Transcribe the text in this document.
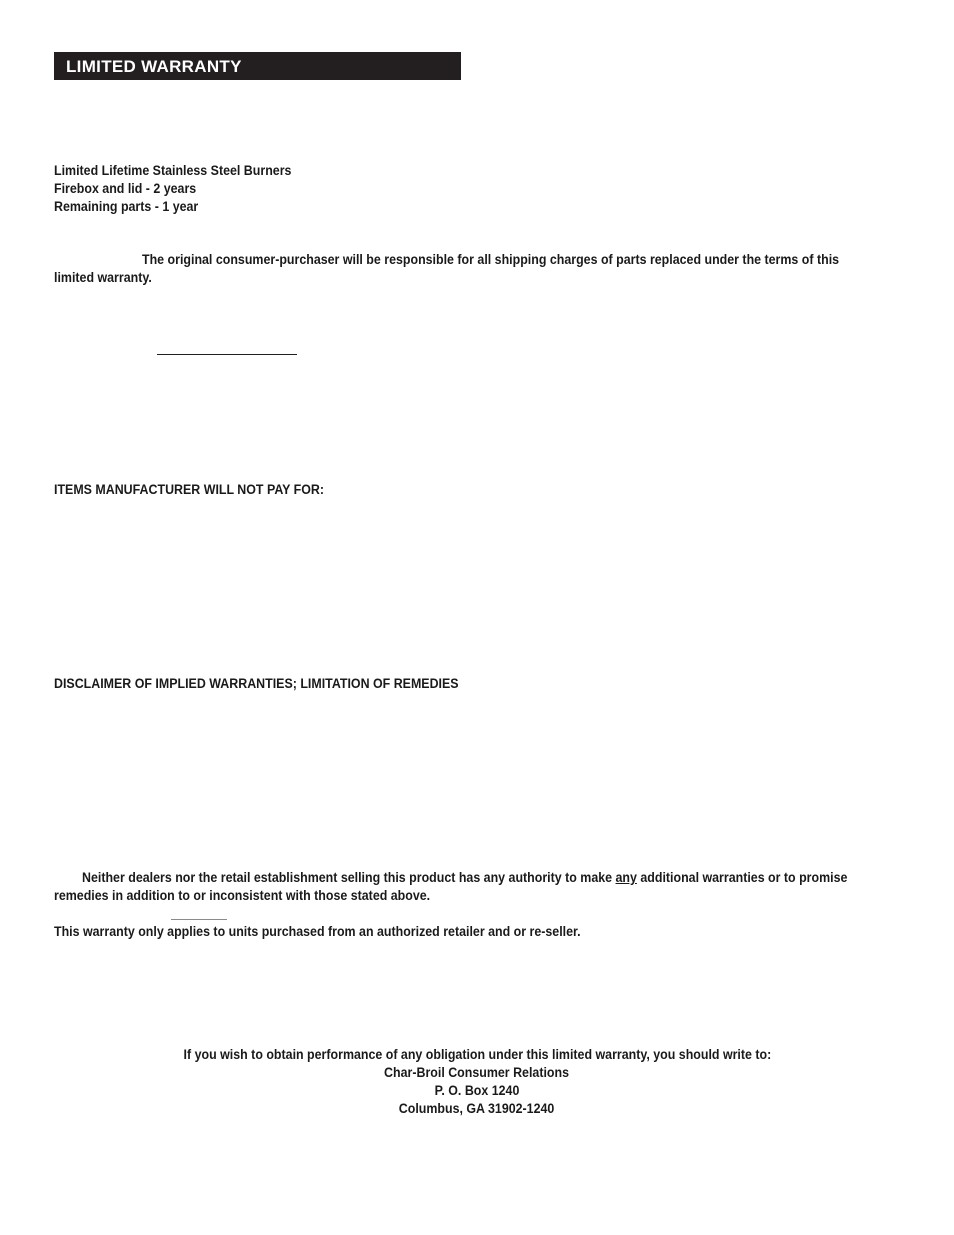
LIMITED WARRANTY
Limited Lifetime Stainless Steel Burners
Firebox and lid - 2 years
Remaining parts - 1 year
The original consumer-purchaser will be responsible for all shipping charges of parts replaced under the terms of this
limited warranty.
ITEMS MANUFACTURER WILL NOT PAY FOR:
DISCLAIMER OF IMPLIED WARRANTIES; LIMITATION OF REMEDIES
Neither dealers nor the retail establishment selling this product has any authority to make any additional warranties or to promise
remedies in addition to or inconsistent with those stated above.
This warranty only applies to units purchased from an authorized retailer and or re-seller.
If you wish to obtain performance of any obligation under this limited warranty, you should write to:
Char-Broil Consumer Relations
P. O. Box 1240
Columbus, GA 31902-1240
